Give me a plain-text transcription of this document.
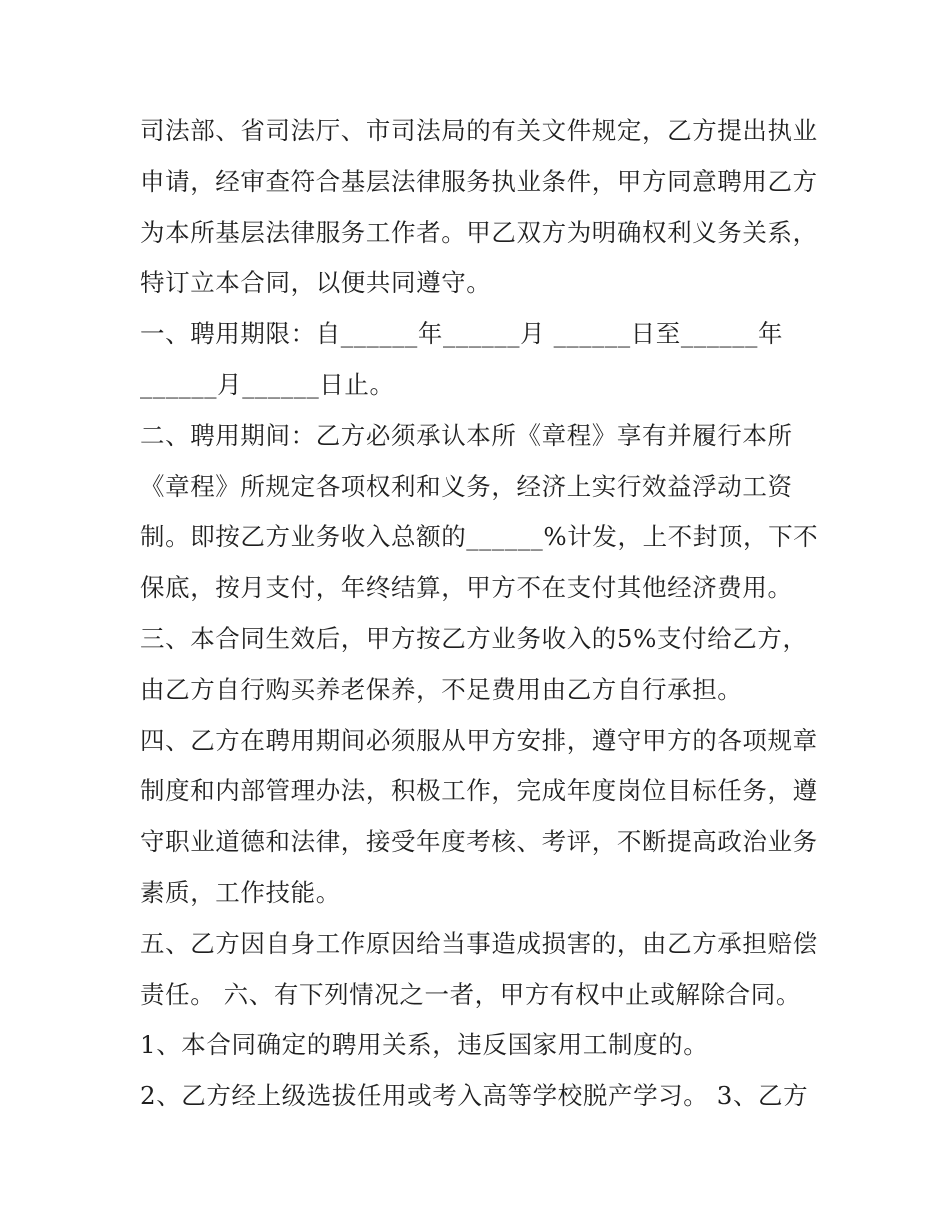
司法部、省司法厅、市司法局的有关文件规定，乙方提出执业
申请，经审查符合基层法律服务执业条件，甲方同意聘用乙方
为本所基层法律服务工作者。甲乙双方为明确权利义务关系，
特订立本合同，以便共同遵守。
一、聘用期限：自______年______月 ______日至______年
______月______日止。
二、聘用期间：乙方必须承认本所《章程》享有并履行本所
《章程》所规定各项权利和义务，经济上实行效益浮动工资
制。即按乙方业务收入总额的______%计发，上不封顶，下不
保底，按月支付，年终结算，甲方不在支付其他经济费用。
三、本合同生效后，甲方按乙方业务收入的5%支付给乙方，
由乙方自行购买养老保养，不足费用由乙方自行承担。
四、乙方在聘用期间必须服从甲方安排，遵守甲方的各项规章
制度和内部管理办法，积极工作，完成年度岗位目标任务，遵
守职业道德和法律，接受年度考核、考评，不断提高政治业务
素质，工作技能。
五、乙方因自身工作原因给当事造成损害的，由乙方承担赔偿
责任。 六、有下列情况之一者，甲方有权中止或解除合同。
1、本合同确定的聘用关系，违反国家用工制度的。
2、乙方经上级选拔任用或考入高等学校脱产学习。 3、乙方
